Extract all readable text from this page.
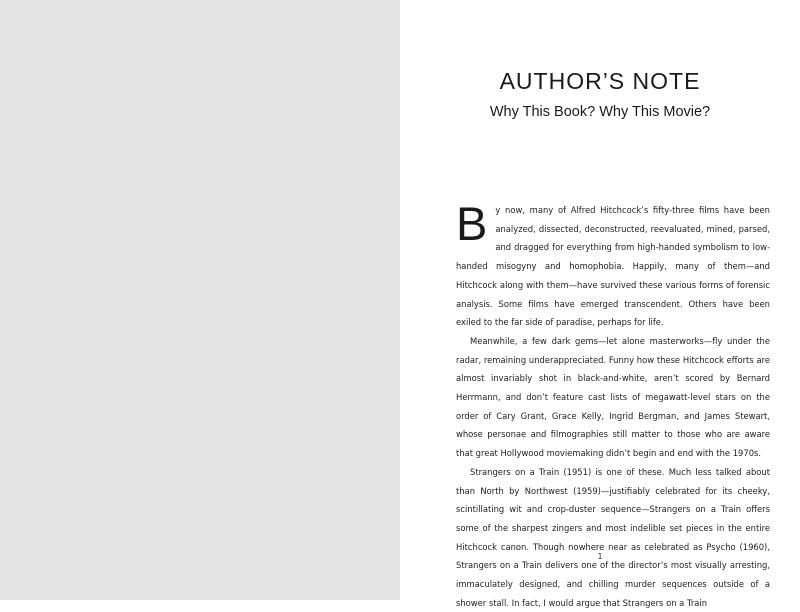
AUTHOR’S NOTE
Why This Book? Why This Movie?

By now, many of Alfred Hitchcock’s fifty-three films have been analyzed, dissected, deconstructed, reevaluated, mined, parsed, and dragged for everything from high-handed symbolism to low-handed misogyny and homophobia. Happily, many of them—and Hitchcock along with them—have survived these various forms of forensic analysis. Some films have emerged transcendent. Others have been exiled to the far side of paradise, perhaps for life.

Meanwhile, a few dark gems—let alone masterworks—fly under the radar, remaining underappreciated. Funny how these Hitchcock efforts are almost invariably shot in black-and-white, aren’t scored by Bernard Herrmann, and don’t feature cast lists of megawatt-level stars on the order of Cary Grant, Grace Kelly, Ingrid Bergman, and James Stewart, whose personae and filmographies still matter to those who are aware that great Hollywood moviemaking didn’t begin and end with the 1970s.

Strangers on a Train (1951) is one of these. Much less talked about than North by Northwest (1959)—justifiably celebrated for its cheeky, scintillating wit and crop-duster sequence—Strangers on a Train offers some of the sharpest zingers and most indelible set pieces in the entire Hitchcock canon. Though nowhere near as celebrated as Psycho (1960), Strangers on a Train delivers one of the director’s most visually arresting, immaculately designed, and chilling murder sequences outside of a shower stall. In fact, I would argue that Strangers on a Train

1
